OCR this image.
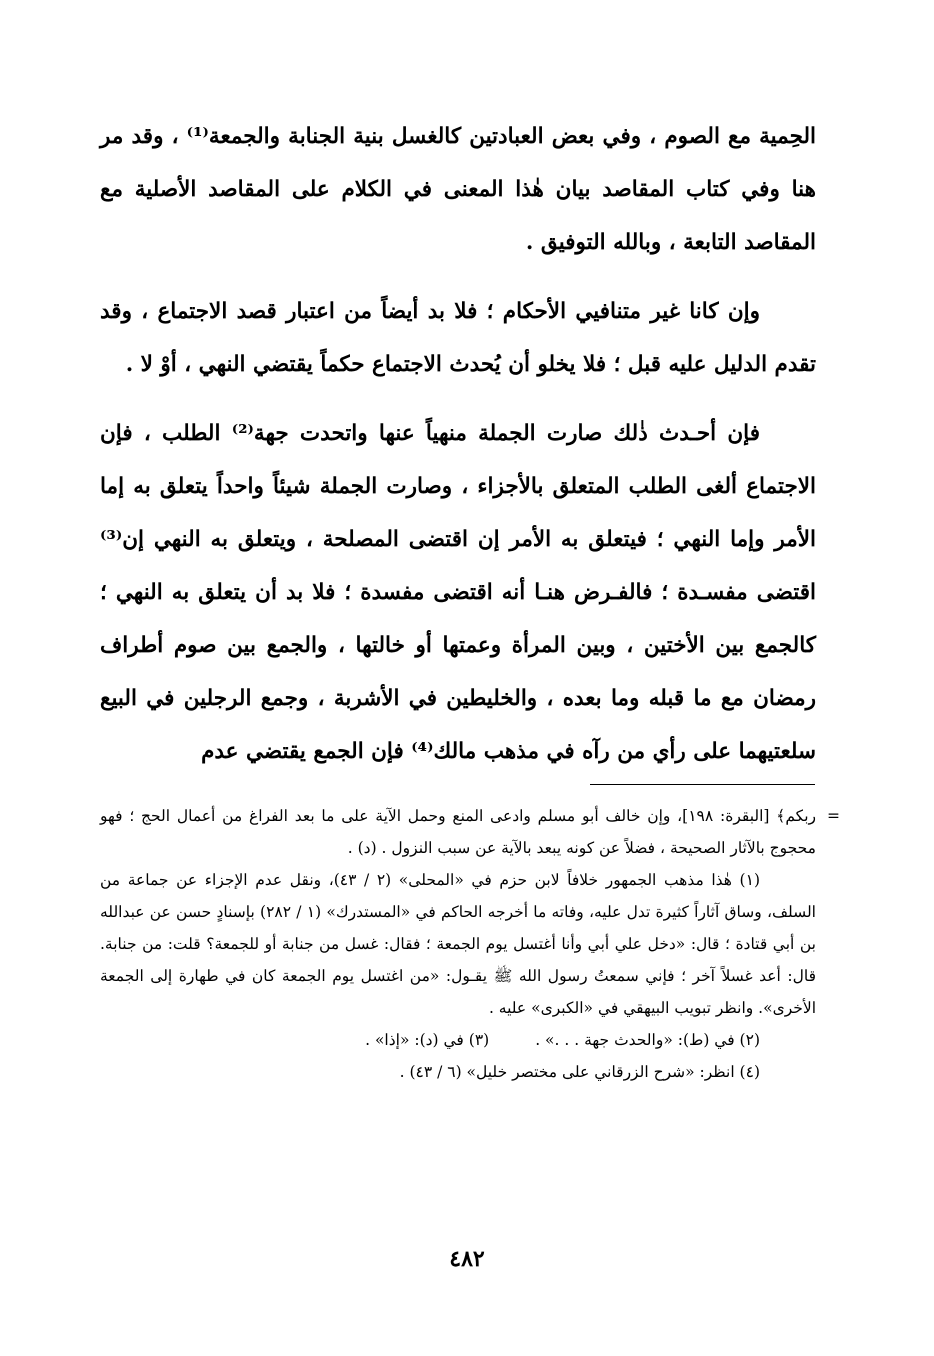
الحِمية مع الصوم ، وفي بعض العبادتين كالغسل بنية الجنابة والجمعة⁽¹⁾ ، وقد مر هنا وفي كتاب المقاصد بيان هٰذا المعنى في الكلام على المقاصد الأصلية مع المقاصد التابعة ، وبالله التوفيق .

وإن كانا غير متنافيي الأحكام ؛ فلا بد أيضاً من اعتبار قصد الاجتماع ، وقد تقدم الدليل عليه قبل ؛ فلا يخلو أن يُحدث الاجتماع حكماً يقتضي النهي ، أوْ لا .

فإن أحـدث ذٰلك صارت الجملة منهياً عنها واتحدت جهة⁽²⁾ الطلب ، فإن الاجتماع ألغى الطلب المتعلق بالأجزاء ، وصارت الجملة شيئاً واحداً يتعلق به إما الأمر وإما النهي ؛ فيتعلق به الأمر إن اقتضى المصلحة ، ويتعلق به النهي إن⁽³⁾ اقتضى مفسـدة ؛ فالفـرض هنـا أنه اقتضى مفسدة ؛ فلا بد أن يتعلق به النهي ؛ كالجمع بين الأختين ، وبين المرأة وعمتها أو خالتها ، والجمع بين صوم أطراف رمضان مع ما قبله وما بعده ، والخليطين في الأشربة ، وجمع الرجلين في البيع سلعتيهما على رأي من رآه في مذهب مالك⁽⁴⁾ فإن الجمع يقتضي عدم

=
ربكم﴾ [البقرة: ١٩٨]، وإن خالف أبو مسلم وادعى المنع وحمل الآية على ما بعد الفراغ من أعمال الحج ؛ فهو محجوج بالآثار الصحيحة ، فضلاً عن كونه يبعد بالآية عن سبب النزول . (د) .

(١) هٰذا مذهب الجمهور خلافاً لابن حزم في «المحلى» (٢ / ٤٣)، ونقل عدم الإجزاء عن جماعة من السلف، وساق آثاراً كثيرة تدل عليه، وفاته ما أخرجه الحاكم في «المستدرك» (١ / ٢٨٢) بإسنادٍ حسن عن عبدالله بن أبي قتادة ؛ قال: «دخل علي أبي وأنا أغتسل يوم الجمعة ؛ فقال: غسل من جنابة أو للجمعة؟ قلت: من جنابة. قال: أعد غسلاً آخر ؛ فإني سمعتُ رسول الله ﷺ يقـول: «من اغتسل يوم الجمعة كان في طهارة إلى الجمعة الأخرى». وانظر تبويب البيهقي في «الكبرى» عليه .

(٢) في (ط): «والحدث جهة . . .» .(٣) في (د): «إذا» .

(٤) انظر: «شرح الزرقاني على مختصر خليل» (٦ / ٤٣) .

٤٨٢
